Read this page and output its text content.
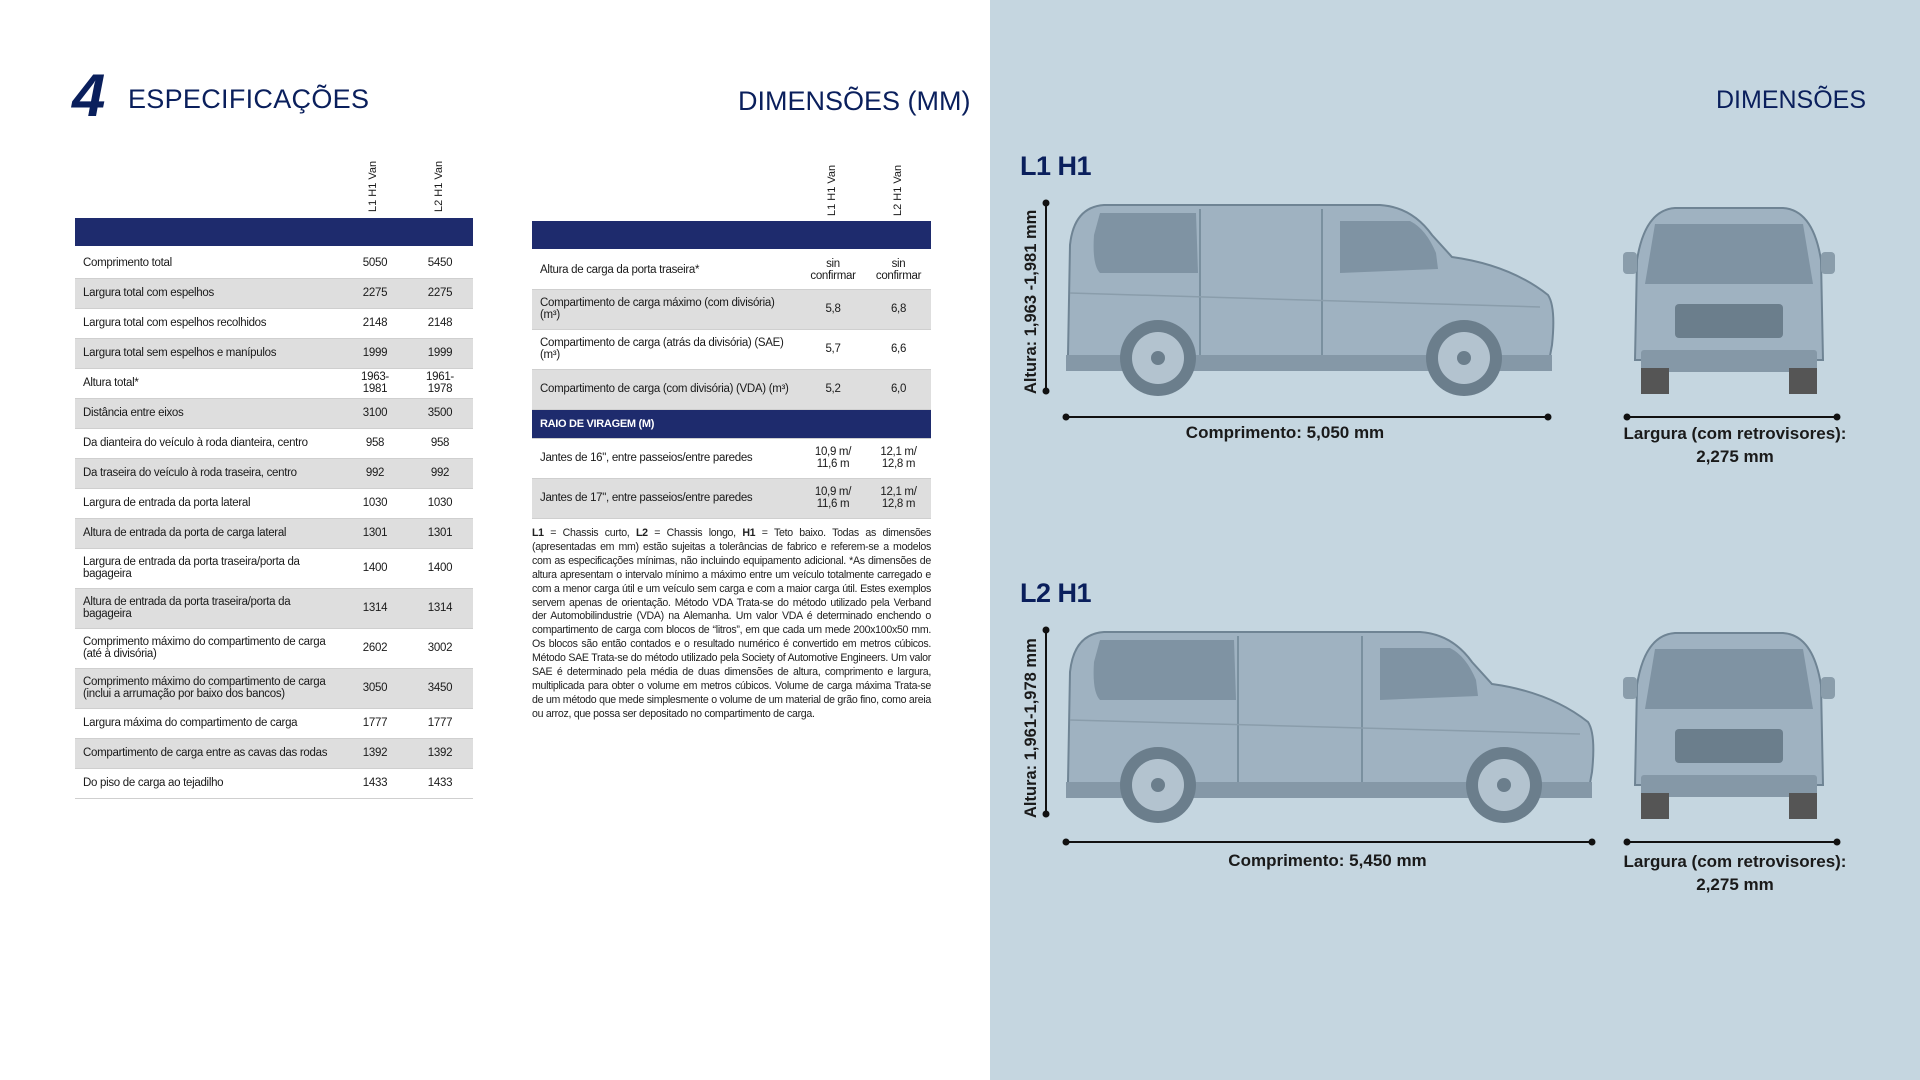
4 ESPECIFICAÇÕES	DIMENSÕES (MM)
L1 H1 Van	L2 H1 Van
Comprimento total	5050	5450
Largura total com espelhos	2275	2275
Largura total com espelhos recolhidos	2148	2148
Largura total sem espelhos e manípulos	1999	1999
Altura total*	1963-1981	1961-1978
Distância entre eixos	3100	3500
Da dianteira do veículo à roda dianteira, centro	958	958
Da traseira do veículo à roda traseira, centro	992	992
Largura de entrada da porta lateral	1030	1030
Altura de entrada da porta de carga lateral	1301	1301
Largura de entrada da porta traseira/porta da bagageira	1400	1400
Altura de entrada da porta traseira/porta da bagageira	1314	1314
Comprimento máximo do compartimento de carga (até à divisória)	2602	3002
Comprimento máximo do compartimento de carga (inclui a arrumação por baixo dos bancos)	3050	3450
Largura máxima do compartimento de carga	1777	1777
Compartimento de carga entre as cavas das rodas	1392	1392
Do piso de carga ao tejadilho	1433	1433
L1 H1 Van	L2 H1 Van
Altura de carga da porta traseira*	sin confirmar	sin confirmar
Compartimento de carga máximo (com divisória) (m³)	5,8	6,8
Compartimento de carga (atrás da divisória) (SAE) (m³)	5,7	6,6
Compartimento de carga (com divisória) (VDA) (m³)	5,2	6,0
RAIO DE VIRAGEM (M)		
Jantes de 16", entre passeios/entre paredes	10,9 m/ 11,6 m	12,1 m/ 12,8 m
Jantes de 17", entre passeios/entre paredes	10,9 m/ 11,6 m	12,1 m/ 12,8 m
L1 = Chassis curto, L2 = Chassis longo, H1 = Teto baixo. Todas as dimensões (apresentadas em mm) estão sujeitas a tolerâncias de fabrico e referem-se a modelos com as especificações mínimas, não incluindo equipamento adicional. *As dimensões de altura apresentam o intervalo mínimo a máximo entre um veículo totalmente carregado e com a menor carga útil e um veículo sem carga e com a maior carga útil. Estes exemplos servem apenas de orientação. Método VDA Trata-se do método utilizado pela Verband der Automobilindustrie (VDA) na Alemanha. Um valor VDA é determinado enchendo o compartimento de carga com blocos de “litros”, em que cada um mede 200x100x50 mm. Os blocos são então contados e o resultado numérico é convertido em metros cúbicos. Método SAE Trata-se do método utilizado pela Society of Automotive Engineers. Um valor SAE é determinado pela média de duas dimensões de altura, comprimento e largura, multiplicada para obter o volume em metros cúbicos. Volume de carga máxima Trata-se de um método que mede simplesmente o volume de um material de grão fino, como areia ou arroz, que possa ser depositado no compartimento de carga.
DIMENSÕES
L1 H1
Altura: 1,963 -1,981 mm
Comprimento: 5,050 mm	Largura (com retrovisores):
2,275 mm
L2 H1
Altura: 1,961-1,978 mm
Comprimento: 5,450 mm	Largura (com retrovisores):
2,275 mm
